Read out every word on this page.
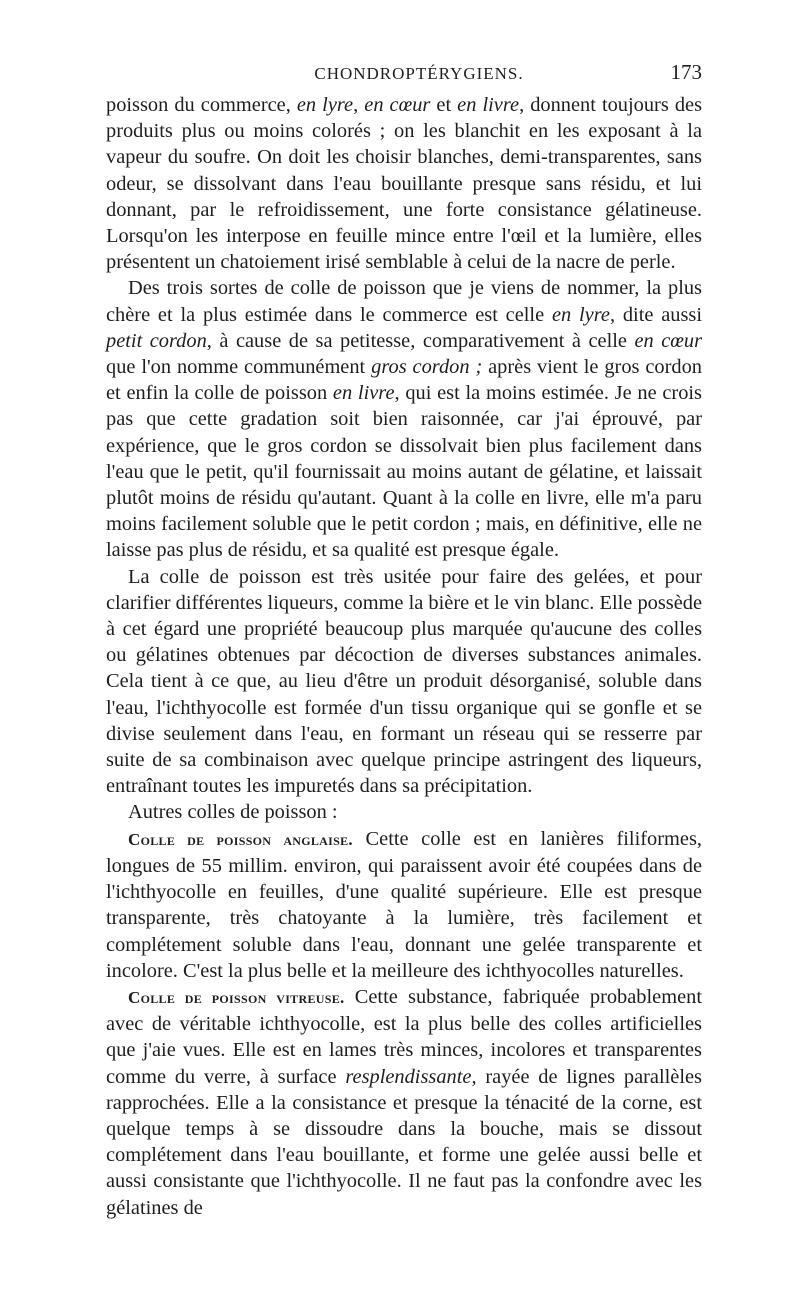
CHONDROPTÉRYGIENS.	173

poisson du commerce, en lyre, en cœur et en livre, donnent toujours des produits plus ou moins colorés ; on les blanchit en les exposant à la vapeur du soufre. On doit les choisir blanches, demi-transparentes, sans odeur, se dissolvant dans l'eau bouillante presque sans résidu, et lui donnant, par le refroidissement, une forte consistance gélatineuse. Lorsqu'on les interpose en feuille mince entre l'œil et la lumière, elles présentent un chatoiement irisé semblable à celui de la nacre de perle.

Des trois sortes de colle de poisson que je viens de nommer, la plus chère et la plus estimée dans le commerce est celle en lyre, dite aussi petit cordon, à cause de sa petitesse, comparativement à celle en cœur que l'on nomme communément gros cordon ; après vient le gros cordon et enfin la colle de poisson en livre, qui est la moins estimée. Je ne crois pas que cette gradation soit bien raisonnée, car j'ai éprouvé, par expérience, que le gros cordon se dissolvait bien plus facilement dans l'eau que le petit, qu'il fournissait au moins autant de gélatine, et laissait plutôt moins de résidu qu'autant. Quant à la colle en livre, elle m'a paru moins facilement soluble que le petit cordon ; mais, en définitive, elle ne laisse pas plus de résidu, et sa qualité est presque égale.

La colle de poisson est très usitée pour faire des gelées, et pour clarifier différentes liqueurs, comme la bière et le vin blanc. Elle possède à cet égard une propriété beaucoup plus marquée qu'aucune des colles ou gélatines obtenues par décoction de diverses substances animales. Cela tient à ce que, au lieu d'être un produit désorganisé, soluble dans l'eau, l'ichthyocolle est formée d'un tissu organique qui se gonfle et se divise seulement dans l'eau, en formant un réseau qui se resserre par suite de sa combinaison avec quelque principe astringent des liqueurs, entraînant toutes les impuretés dans sa précipitation.

Autres colles de poisson :

Colle de poisson anglaise. Cette colle est en lanières filiformes, longues de 55 millim. environ, qui paraissent avoir été coupées dans de l'ichthyocolle en feuilles, d'une qualité supérieure. Elle est presque transparente, très chatoyante à la lumière, très facilement et complétement soluble dans l'eau, donnant une gelée transparente et incolore. C'est la plus belle et la meilleure des ichthyocolles naturelles.

Colle de poisson vitreuse. Cette substance, fabriquée probablement avec de véritable ichthyocolle, est la plus belle des colles artificielles que j'aie vues. Elle est en lames très minces, incolores et transparentes comme du verre, à surface resplendissante, rayée de lignes parallèles rapprochées. Elle a la consistance et presque la ténacité de la corne, est quelque temps à se dissoudre dans la bouche, mais se dissout complétement dans l'eau bouillante, et forme une gelée aussi belle et aussi consistante que l'ichthyocolle. Il ne faut pas la confondre avec les gélatines de
